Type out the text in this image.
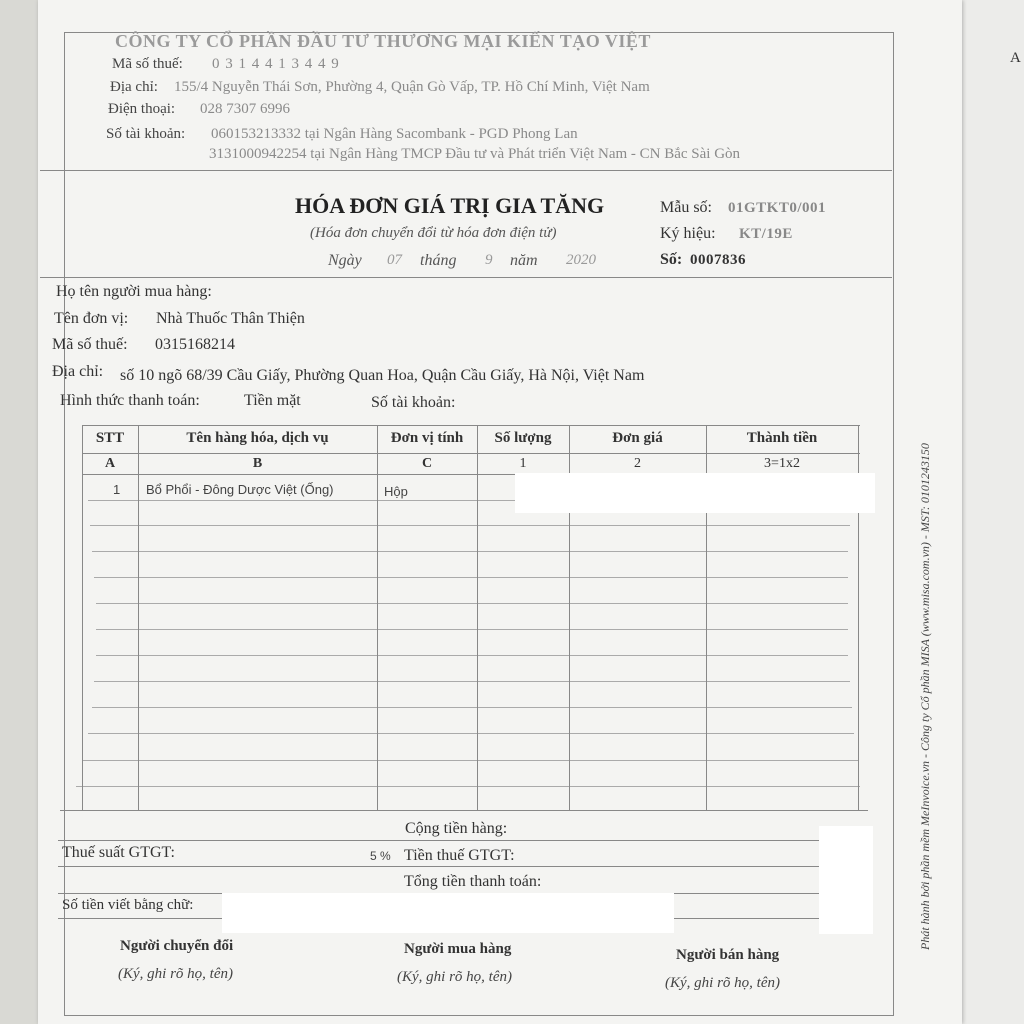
A
CÔNG TY CỔ PHẦN ĐẦU TƯ THƯƠNG MẠI KIẾN TẠO VIỆT
Mã số thuế: 0 3 1 4 4 1 3 4 4 9
Địa chỉ: 155/4 Nguyễn Thái Sơn, Phường 4, Quận Gò Vấp, TP. Hồ Chí Minh, Việt Nam
Điện thoại: 028 7307 6996
Số tài khoản: 060153213332 tại Ngân Hàng Sacombank - PGD Phong Lan
3131000942254 tại Ngân Hàng TMCP Đầu tư và Phát triển Việt Nam - CN Bắc Sài Gòn
HÓA ĐƠN GIÁ TRỊ GIA TĂNG
(Hóa đơn chuyển đổi từ hóa đơn điện tử)
Ngày 07 tháng 9 năm 2020
Mẫu số: 01GTKT0/001
Ký hiệu: KT/19E
Số: 0007836
Họ tên người mua hàng:
Tên đơn vị: Nhà Thuốc Thân Thiện
Mã số thuế: 0315168214
Địa chỉ: số 10 ngõ 68/39 Cầu Giấy, Phường Quan Hoa, Quận Cầu Giấy, Hà Nội, Việt Nam
Hình thức thanh toán:	Tiền mặt	Số tài khoản:
STT	Tên hàng hóa, dịch vụ	Đơn vị tính	Số lượng	Đơn giá	Thành tiền
A	B	C	1	2	3=1x2
1 Bổ Phổi - Đông Dược Việt (Ống)	Hộp
Cộng tiền hàng:
Thuế suất GTGT:	5 % Tiền thuế GTGT:
Tổng tiền thanh toán:
Số tiền viết bằng chữ:
Người chuyển đổi
(Ký, ghi rõ họ, tên)
Người mua hàng
(Ký, ghi rõ họ, tên)
Người bán hàng
(Ký, ghi rõ họ, tên)
Phát hành bởi phần mềm MeInvoice.vn - Công ty Cổ phần MISA (www.misa.com.vn) - MST: 0101243150
